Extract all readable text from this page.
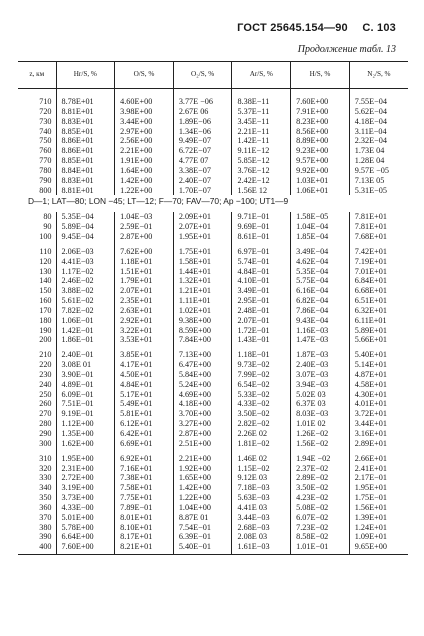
ГОСТ 25645.154—90 С. 103
Продолжение табл. 13
z, км	Hr/S, %	O/S, %	O₂/S, %	Ar/S, %	H/S, %	N₂/S, %

710	8.78E+01	4.60E+00	3.77E −06	8.38E−11	7.60E+00	7.55E−04
720	8.81E+01	3.98E+00	2.67E 06	5.37E−11	7.91E+00	5.62E−04
730	8.83E+01	3.44E+00	1.89E−06	3.45E−11	8.23E+00	4.18E−04
740	8.85E+01	2.97E+00	1.34E−06	2.21E−11	8.56E+00	3.11E−04
750	8.86E+01	2.56E+00	9.49E−07	1.42E−11	8.89E+00	2.32E−04
760	8.86E+01	2.21E+00	6.72E−07	9.11E−12	9.23E+00	1.73E 04
770	8.85E+01	1.91E+00	4.77E 07	5.85E−12	9.57E+00	1.28E 04
780	8.84E+01	1.64E+00	3.38E−07	3.76E−12	9.92E+00	9.57E −05
790	8.83E+01	1.42E+00	2.40E−07	2.42E−12	1.03E+01	7.13E 05
800	8.81E+01	1.22E+00	1.70E−07	1.56E 12	1.06E+01	5.31E−05
D—1; LAT—80; LON −45; LT—12; F—70; FAV—70; Ap −100; UT1—9						
80	5.35E−04	1.04E−03	2.09E+01	9.71E−01	1.58E−05	7.81E+01
90	5.89E−04	2.59E−01	2.07E+01	9.69E−01	1.04E−04	7.81E+01
100	9.45E−04	2.87E+00	1.95E+01	8.61E−01	1.85E−04	7.68E+01

110	2.06E−03	7.62E+00	1.75E+01	6.97E−01	3.49E−04	7.42E+01
120	4.41E−03	1.18E+01	1.58E+01	5.74E−01	4.62E−04	7.19E+01
130	1.17E−02	1.51E+01	1.44E+01	4.84E−01	5.35E−04	7.01E+01
140	2.46E−02	1.79E+01	1.32E+01	4.10E−01	5.75E−04	6.84E+01
150	3.88E−02	2.07E+01	1.21E+01	3.49E−01	6.16E−04	6.68E+01
160	5.61E−02	2.35E+01	1.11E+01	2.95E−01	6.82E−04	6.51E+01
170	7.82E−02	2.63E+01	1.02E+01	2.48E−01	7.86E−04	6.32E+01
180	1.06E−01	2.92E+01	9.38E+00	2.07E−01	9.43E−04	6.11E+01
190	1.42E−01	3.22E+01	8.59E+00	1.72E−01	1.16E−03	5.89E+01
200	1.86E−01	3.53E+01	7.84E+00	1.43E−01	1.47E−03	5.66E+01

210	2.40E−01	3.85E+01	7.13E+00	1.18E−01	1.87E−03	5.40E+01
220	3.08E 01	4.17E+01	6.47E+00	9.73E−02	2.40E−03	5.14E+01
230	3.90E−01	4.50E+01	5.84E+00	7.99E−02	3.07E−03	4.87E+01
240	4.89E−01	4.84E+01	5.24E+00	6.54E−02	3.94E−03	4.58E+01
250	6.09E−01	5.17E+01	4.69E+00	5.33E−02	5.02E 03	4.30E+01
260	7.51E−01	5.49E+01	4.18E+00	4.33E−02	6.37E 03	4.01E+01
270	9.19E−01	5.81E+01	3.70E+00	3.50E−02	8.03E−03	3.72E+01
280	1.12E+00	6.12E+01	3.27E+00	2.82E−02	1.01E 02	3.44E+01
290	1.35E+00	6.42E+01	2.87E+00	2.26E 02	1.26E−02	3.16E+01
300	1.62E+00	6.69E+01	2.51E+00	1.81E−02	1.56E−02	2.89E+01

310	1.95E+00	6.92E+01	2.21E+00	1.46E 02	1.94E −02	2.66E+01
320	2.31E+00	7.16E+01	1.92E+00	1.15E−02	2.37E−02	2.41E+01
330	2.72E+00	7.38E+01	1.65E+00	9.12E 03	2.89E−02	2.17E−01
340	3.19E+00	7.58E+01	1.42E+00	7.18E−03	3.50E−02	1.95E+01
350	3.73E+00	7.75E+01	1.22E+00	5.63E−03	4.23E−02	1.75E−01
360	4.33E−00	7.89E−01	1.04E+00	4.41E 03	5.08E−02	1.56E+01
370	5.01E+00	8.01E+01	8.87E 01	3.44E−03	6.07E−02	1.39E+01
380	5.78E+00	8.10E+01	7.54E−01	2.68E−03	7.23E−02	1.24E+01
390	6.64E+00	8.17E+01	6.39E−01	2.08E 03	8.58E−02	1.09E+01
400	7.60E+00	8.21E+01	5.40E−01	1.61E−03	1.01E−01	9.65E+00
